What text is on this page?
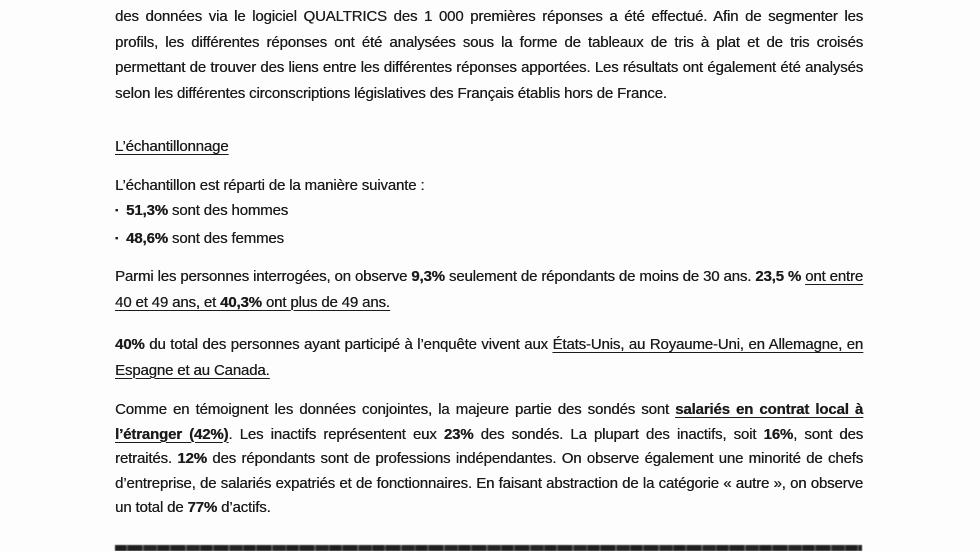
des données via le logiciel QUALTRICS des 1 000 premières réponses a été effectué. Afin de segmenter les profils, les différentes réponses ont été analysées sous la forme de tableaux de tris à plat et de tris croisés permettant de trouver des liens entre les différentes réponses apportées. Les résultats ont également été analysés selon les différentes circonscriptions législatives des Français établis hors de France.

L’échantillonnage

L’échantillon est réparti de la manière suivante :

▪ 51,3% sont des hommes

▪ 48,6% sont des femmes

Parmi les personnes interrogées, on observe 9,3% seulement de répondants de moins de 30 ans. 23,5 % ont entre 40 et 49 ans, et 40,3% ont plus de 49 ans.

40% du total des personnes ayant participé à l’enquête vivent aux États-Unis, au Royaume-Uni, en Allemagne, en Espagne et au Canada.

Comme en témoignent les données conjointes, la majeure partie des sondés sont salariés en contrat local à l’étranger (42%). Les inactifs représentent eux 23% des sondés. La plupart des inactifs, soit 16%, sont des retraités. 12% des répondants sont de professions indépendantes. On observe également une minorité de chefs d’entreprise, de salariés expatriés et de fonctionnaires. En faisant abstraction de la catégorie « autre », on observe un total de 77% d’actifs.
